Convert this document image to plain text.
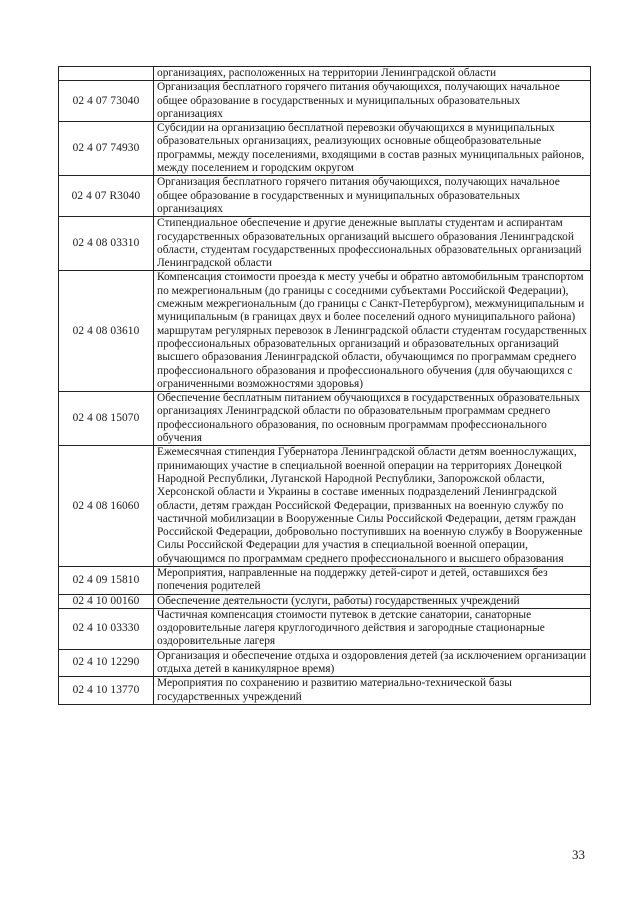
	организациях, расположенных на территории Ленинградской области
02 4 07 73040	Организация бесплатного горячего питания обучающихся, получающих начальное общее образование в государственных и муниципальных образовательных организациях
02 4 07 74930	Субсидии на организацию бесплатной перевозки обучающихся в муниципальных образовательных организациях, реализующих основные общеобразовательные программы, между поселениями, входящими в состав разных муниципальных районов, между поселением и городским округом
02 4 07 R3040	Организация бесплатного горячего питания обучающихся, получающих начальное общее образование в государственных и муниципальных образовательных организациях
02 4 08 03310	Стипендиальное обеспечение и другие денежные выплаты студентам и аспирантам государственных образовательных организаций высшего образования Ленинградской области, студентам государственных профессиональных образовательных организаций Ленинградской области
02 4 08 03610	Компенсация стоимости проезда к месту учебы и обратно автомобильным транспортом по межрегиональным (до границы с соседними субъектами Российской Федерации), смежным межрегиональным (до границы с Санкт-Петербургом), межмуниципальным и муниципальным (в границах двух и более поселений одного муниципального района) маршрутам регулярных перевозок в Ленинградской области студентам государственных профессиональных образовательных организаций и образовательных организаций высшего образования Ленинградской области, обучающимся по программам среднего профессионального образования и профессионального обучения (для обучающихся с ограниченными возможностями здоровья)
02 4 08 15070	Обеспечение бесплатным питанием обучающихся в государственных образовательных организациях Ленинградской области по образовательным программам среднего профессионального образования, по основным программам профессионального обучения
02 4 08 16060	Ежемесячная стипендия Губернатора Ленинградской области детям военнослужащих, принимающих участие в специальной военной операции на территориях Донецкой Народной Республики, Луганской Народной Республики, Запорожской области, Херсонской области и Украины в составе именных подразделений Ленинградской области, детям граждан Российской Федерации, призванных на военную службу по частичной мобилизации в Вооруженные Силы Российской Федерации, детям граждан Российской Федерации, добровольно поступивших на военную службу в Вооруженные Силы Российской Федерации для участия в специальной военной операции, обучающимся по программам среднего профессионального и высшего образования
02 4 09 15810	Мероприятия, направленные на поддержку детей-сирот и детей, оставшихся без попечения родителей
02 4 10 00160	Обеспечение деятельности (услуги, работы) государственных учреждений
02 4 10 03330	Частичная компенсация стоимости путевок в детские санатории, санаторные оздоровительные лагеря круглогодичного действия и загородные стационарные оздоровительные лагеря
02 4 10 12290	Организация и обеспечение отдыха и оздоровления детей (за исключением организации отдыха детей в каникулярное время)
02 4 10 13770	Мероприятия по сохранению и развитию материально-технической базы государственных учреждений
33
